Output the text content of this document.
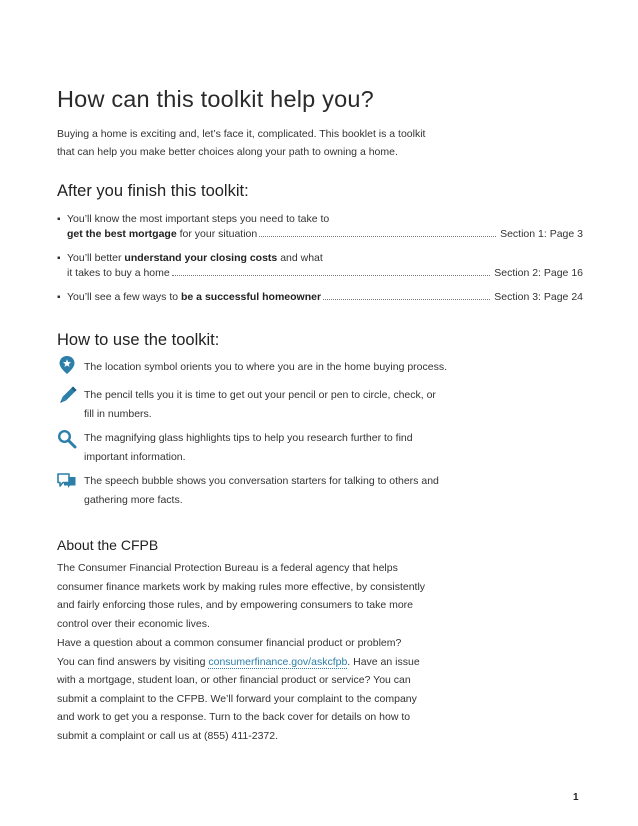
How can this toolkit help you?

Buying a home is exciting and, let’s face it, complicated. This booklet is a toolkit
that can help you make better choices along your path to owning a home.

After you finish this toolkit:
▪ You’ll know the most important steps you need to take to
get the best mortgage for your situation	Section 1: Page 3
▪ You’ll better understand your closing costs and what
it takes to buy a home	Section 2: Page 16
▪ You’ll see a few ways to be a successful homeowner	Section 3: Page 24
How to use the toolkit:
The location symbol orients you to where you are in the home buying process.
The pencil tells you it is time to get out your pencil or pen to circle, check, or
fill in numbers.
The magnifying glass highlights tips to help you research further to find
important information.
The speech bubble shows you conversation starters for talking to others and
gathering more facts.
About the CFPB

The Consumer Financial Protection Bureau is a federal agency that helps
consumer finance markets work by making rules more effective, by consistently
and fairly enforcing those rules, and by empowering consumers to take more
control over their economic lives.

Have a question about a common consumer financial product or problem?
You can find answers by visiting consumerfinance.gov/askcfpb. Have an issue
with a mortgage, student loan, or other financial product or service? You can
submit a complaint to the CFPB. We’ll forward your complaint to the company
and work to get you a response. Turn to the back cover for details on how to
submit a complaint or call us at (855) 411-2372.

1
